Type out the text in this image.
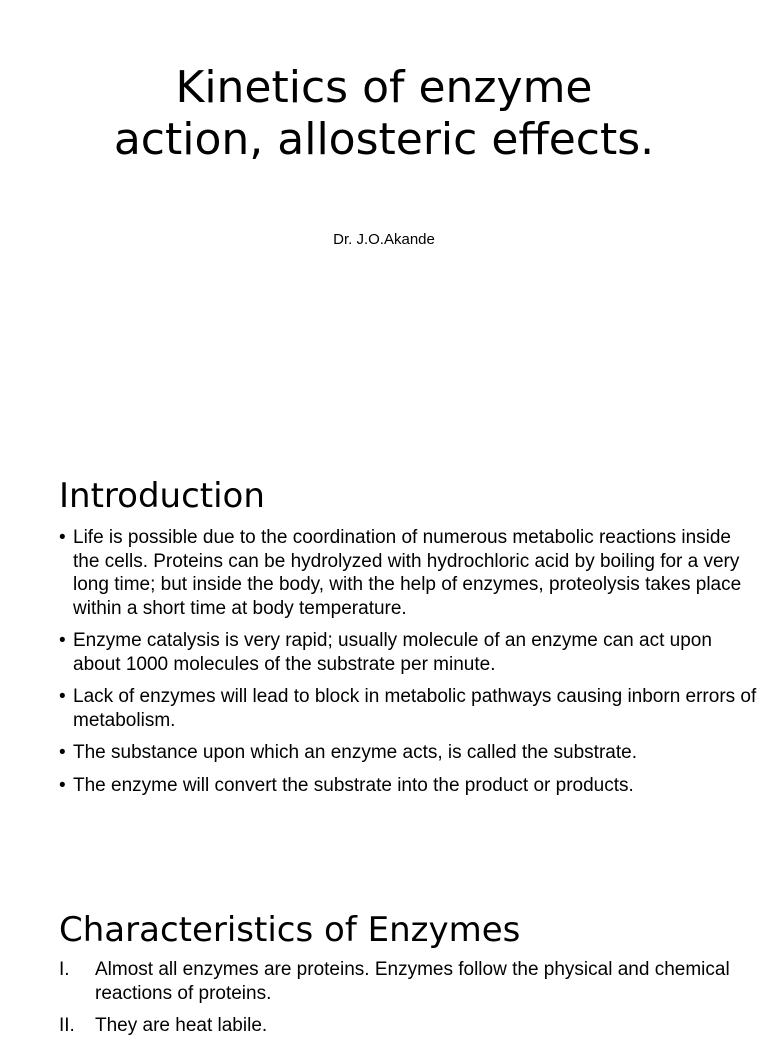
Kinetics of enzyme action, allosteric effects.
Dr. J.O.Akande
Introduction
• Life is possible due to the coordination of numerous metabolic reactions inside the cells. Proteins can be hydrolyzed with hydrochloric acid by boiling for a very long time; but inside the body, with the help of enzymes, proteolysis takes place within a short time at body temperature.
• Enzyme catalysis is very rapid; usually molecule of an enzyme can act upon about 1000 molecules of the substrate per minute.
• Lack of enzymes will lead to block in metabolic pathways causing inborn errors of metabolism.
• The substance upon which an enzyme acts, is called the substrate.
• The enzyme will convert the substrate into the product or products.
Characteristics of Enzymes
I. Almost all enzymes are proteins. Enzymes follow the physical and chemical reactions of proteins.
II. They are heat labile.
